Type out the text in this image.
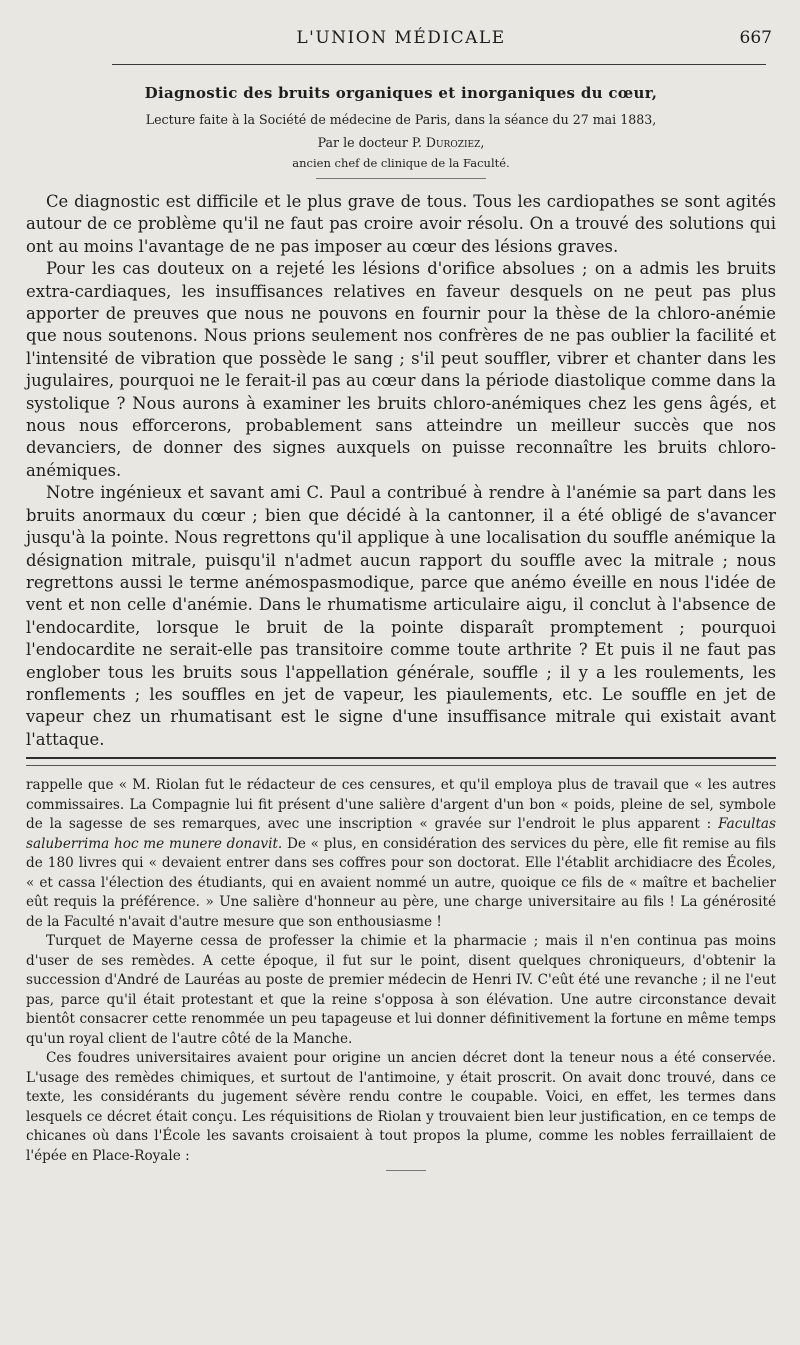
L'UNION MÉDICALE	667
Diagnostic des bruits organiques et inorganiques du cœur,
Lecture faite à la Société de médecine de Paris, dans la séance du 27 mai 1883,
Par le docteur P. Duroziez,
ancien chef de clinique de la Faculté.

Ce diagnostic est difficile et le plus grave de tous. Tous les cardiopathes se sont agités autour de ce problème qu'il ne faut pas croire avoir résolu. On a trouvé des solutions qui ont au moins l'avantage de ne pas imposer au cœur des lésions graves.

Pour les cas douteux on a rejeté les lésions d'orifice absolues ; on a admis les bruits extra-cardiaques, les insuffisances relatives en faveur desquels on ne peut pas plus apporter de preuves que nous ne pouvons en fournir pour la thèse de la chloro-anémie que nous soutenons. Nous prions seulement nos confrères de ne pas oublier la facilité et l'intensité de vibration que possède le sang ; s'il peut souffler, vibrer et chanter dans les jugulaires, pourquoi ne le ferait-il pas au cœur dans la période diastolique comme dans la systolique ? Nous aurons à examiner les bruits chloro-anémiques chez les gens âgés, et nous nous efforcerons, probablement sans atteindre un meilleur succès que nos devanciers, de donner des signes auxquels on puisse reconnaître les bruits chloro-anémiques.

Notre ingénieux et savant ami C. Paul a contribué à rendre à l'anémie sa part dans les bruits anormaux du cœur ; bien que décidé à la cantonner, il a été obligé de s'avancer jusqu'à la pointe. Nous regrettons qu'il applique à une localisation du souffle anémique la désignation mitrale, puisqu'il n'admet aucun rapport du souffle avec la mitrale ; nous regrettons aussi le terme anémospasmodique, parce que anémo éveille en nous l'idée de vent et non celle d'anémie. Dans le rhumatisme articulaire aigu, il conclut à l'absence de l'endocardite, lorsque le bruit de la pointe disparaît promptement ; pourquoi l'endocardite ne serait-elle pas transitoire comme toute arthrite ? Et puis il ne faut pas englober tous les bruits sous l'appellation générale, souffle ; il y a les roulements, les ronflements ; les souffles en jet de vapeur, les piaulements, etc. Le souffle en jet de vapeur chez un rhumatisant est le signe d'une insuffisance mitrale qui existait avant l'attaque.

rappelle que « M. Riolan fut le rédacteur de ces censures, et qu'il employa plus de travail que « les autres commissaires. La Compagnie lui fit présent d'une salière d'argent d'un bon « poids, pleine de sel, symbole de la sagesse de ses remarques, avec une inscription « gravée sur l'endroit le plus apparent : Facultas saluberrima hoc me munere donavit. De « plus, en considération des services du père, elle fit remise au fils de 180 livres qui « devaient entrer dans ses coffres pour son doctorat. Elle l'établit archidiacre des Écoles, « et cassa l'élection des étudiants, qui en avaient nommé un autre, quoique ce fils de « maître et bachelier eût requis la préférence. » Une salière d'honneur au père, une charge universitaire au fils ! La générosité de la Faculté n'avait d'autre mesure que son enthousiasme !

Turquet de Mayerne cessa de professer la chimie et la pharmacie ; mais il n'en continua pas moins d'user de ses remèdes. A cette époque, il fut sur le point, disent quelques chroniqueurs, d'obtenir la succession d'André de Lauréas au poste de premier médecin de Henri IV. C'eût été une revanche ; il ne l'eut pas, parce qu'il était protestant et que la reine s'opposa à son élévation. Une autre circonstance devait bientôt consacrer cette renommée un peu tapageuse et lui donner définitivement la fortune en même temps qu'un royal client de l'autre côté de la Manche.

Ces foudres universitaires avaient pour origine un ancien décret dont la teneur nous a été conservée. L'usage des remèdes chimiques, et surtout de l'antimoine, y était proscrit. On avait donc trouvé, dans ce texte, les considérants du jugement sévère rendu contre le coupable. Voici, en effet, les termes dans lesquels ce décret était conçu. Les réquisitions de Riolan y trouvaient bien leur justification, en ce temps de chicanes où dans l'École les savants croisaient à tout propos la plume, comme les nobles ferraillaient de l'épée en Place-Royale :
